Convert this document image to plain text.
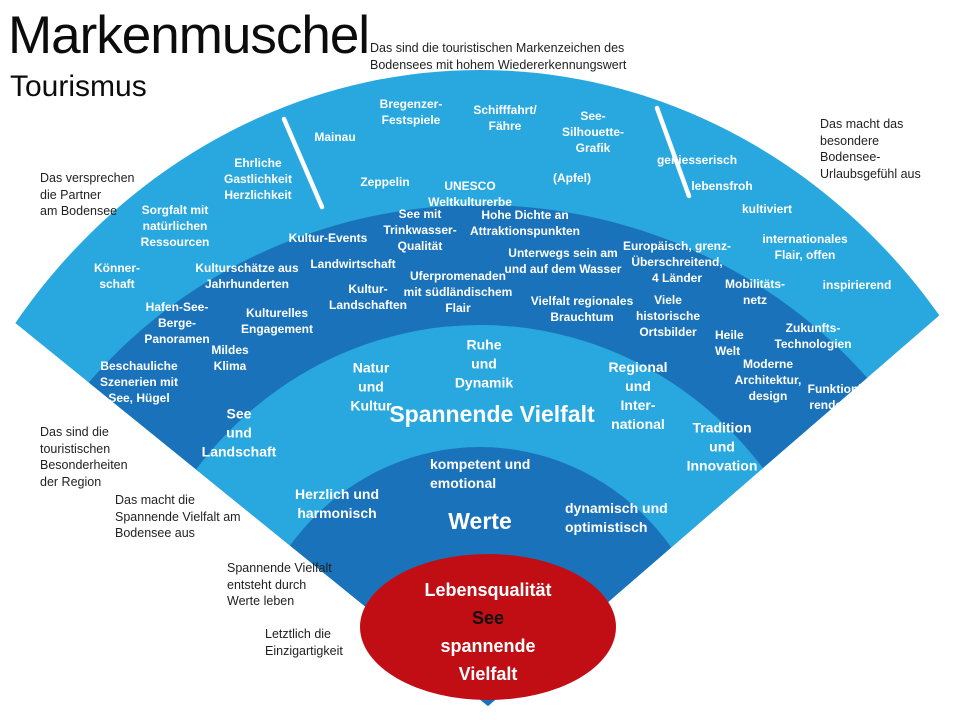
Markenmuschel
Tourismus
Ehrliche
Gastlichkeit
Herzlichkeit
Sorgfalt mit
natürlichen
Ressourcen
Könner-
schaft
Mainau
Bregenzer-
Festspiele
Schifffahrt/
Fähre
See-
Silhouette-
Grafik
Zeppelin	UNESCO
Weltkulturerbe
(Apfel)
geniesserisch
lebensfroh
kultiviert
internationales
Flair, offen
inspirierend
Kultur-Events
See mit
Trinkwasser-
Qualität
Hohe Dichte an
Attraktionspunkten
Landwirtschaft
Unterwegs sein am
und auf dem Wasser
Europäisch, grenz-
Überschreitend,
4 Länder
Kulturschätze aus
Jahrhunderten	Kultur-
Landschaften
Uferpromenaden
mit südländischem
Flair	Vielfalt regionales
Brauchtum
Viele
historische
Ortsbilder
Mobilitäts-
netz
Hafen-See-
Berge-
Panoramen
Kulturelles
Engagement
Mildes
Klima
Beschauliche
Szenerien mit
See, Hügel
Heile
Welt
Zukunfts-
Technologien
Moderne
Architektur,
design	Funktionie-
rende Welt
Natur
und
Kultur
Ruhe
und
Dynamik
Spannende Vielfalt
See
und
Landschaft
Regional
und
Inter-
national	Tradition
und
Innovation
kompetent und
emotional
Herzlich und
harmonisch	Werte	dynamisch und
optimistisch
Das sind die touristischen Markenzeichen des
Bodensees mit hohem Wiedererkennungswert
Das versprechen
die Partner
am Bodensee
Das macht das
besondere
Bodensee-
Urlaubsgefühl aus
Das sind die
touristischen
Besonderheiten
der Region
Das macht die
Spannende Vielfalt am
Bodensee aus
Spannende Vielfalt
entsteht durch
Werte leben
Letztlich die
Einzigartigkeit
Lebensqualität
See
spannende
Vielfalt
